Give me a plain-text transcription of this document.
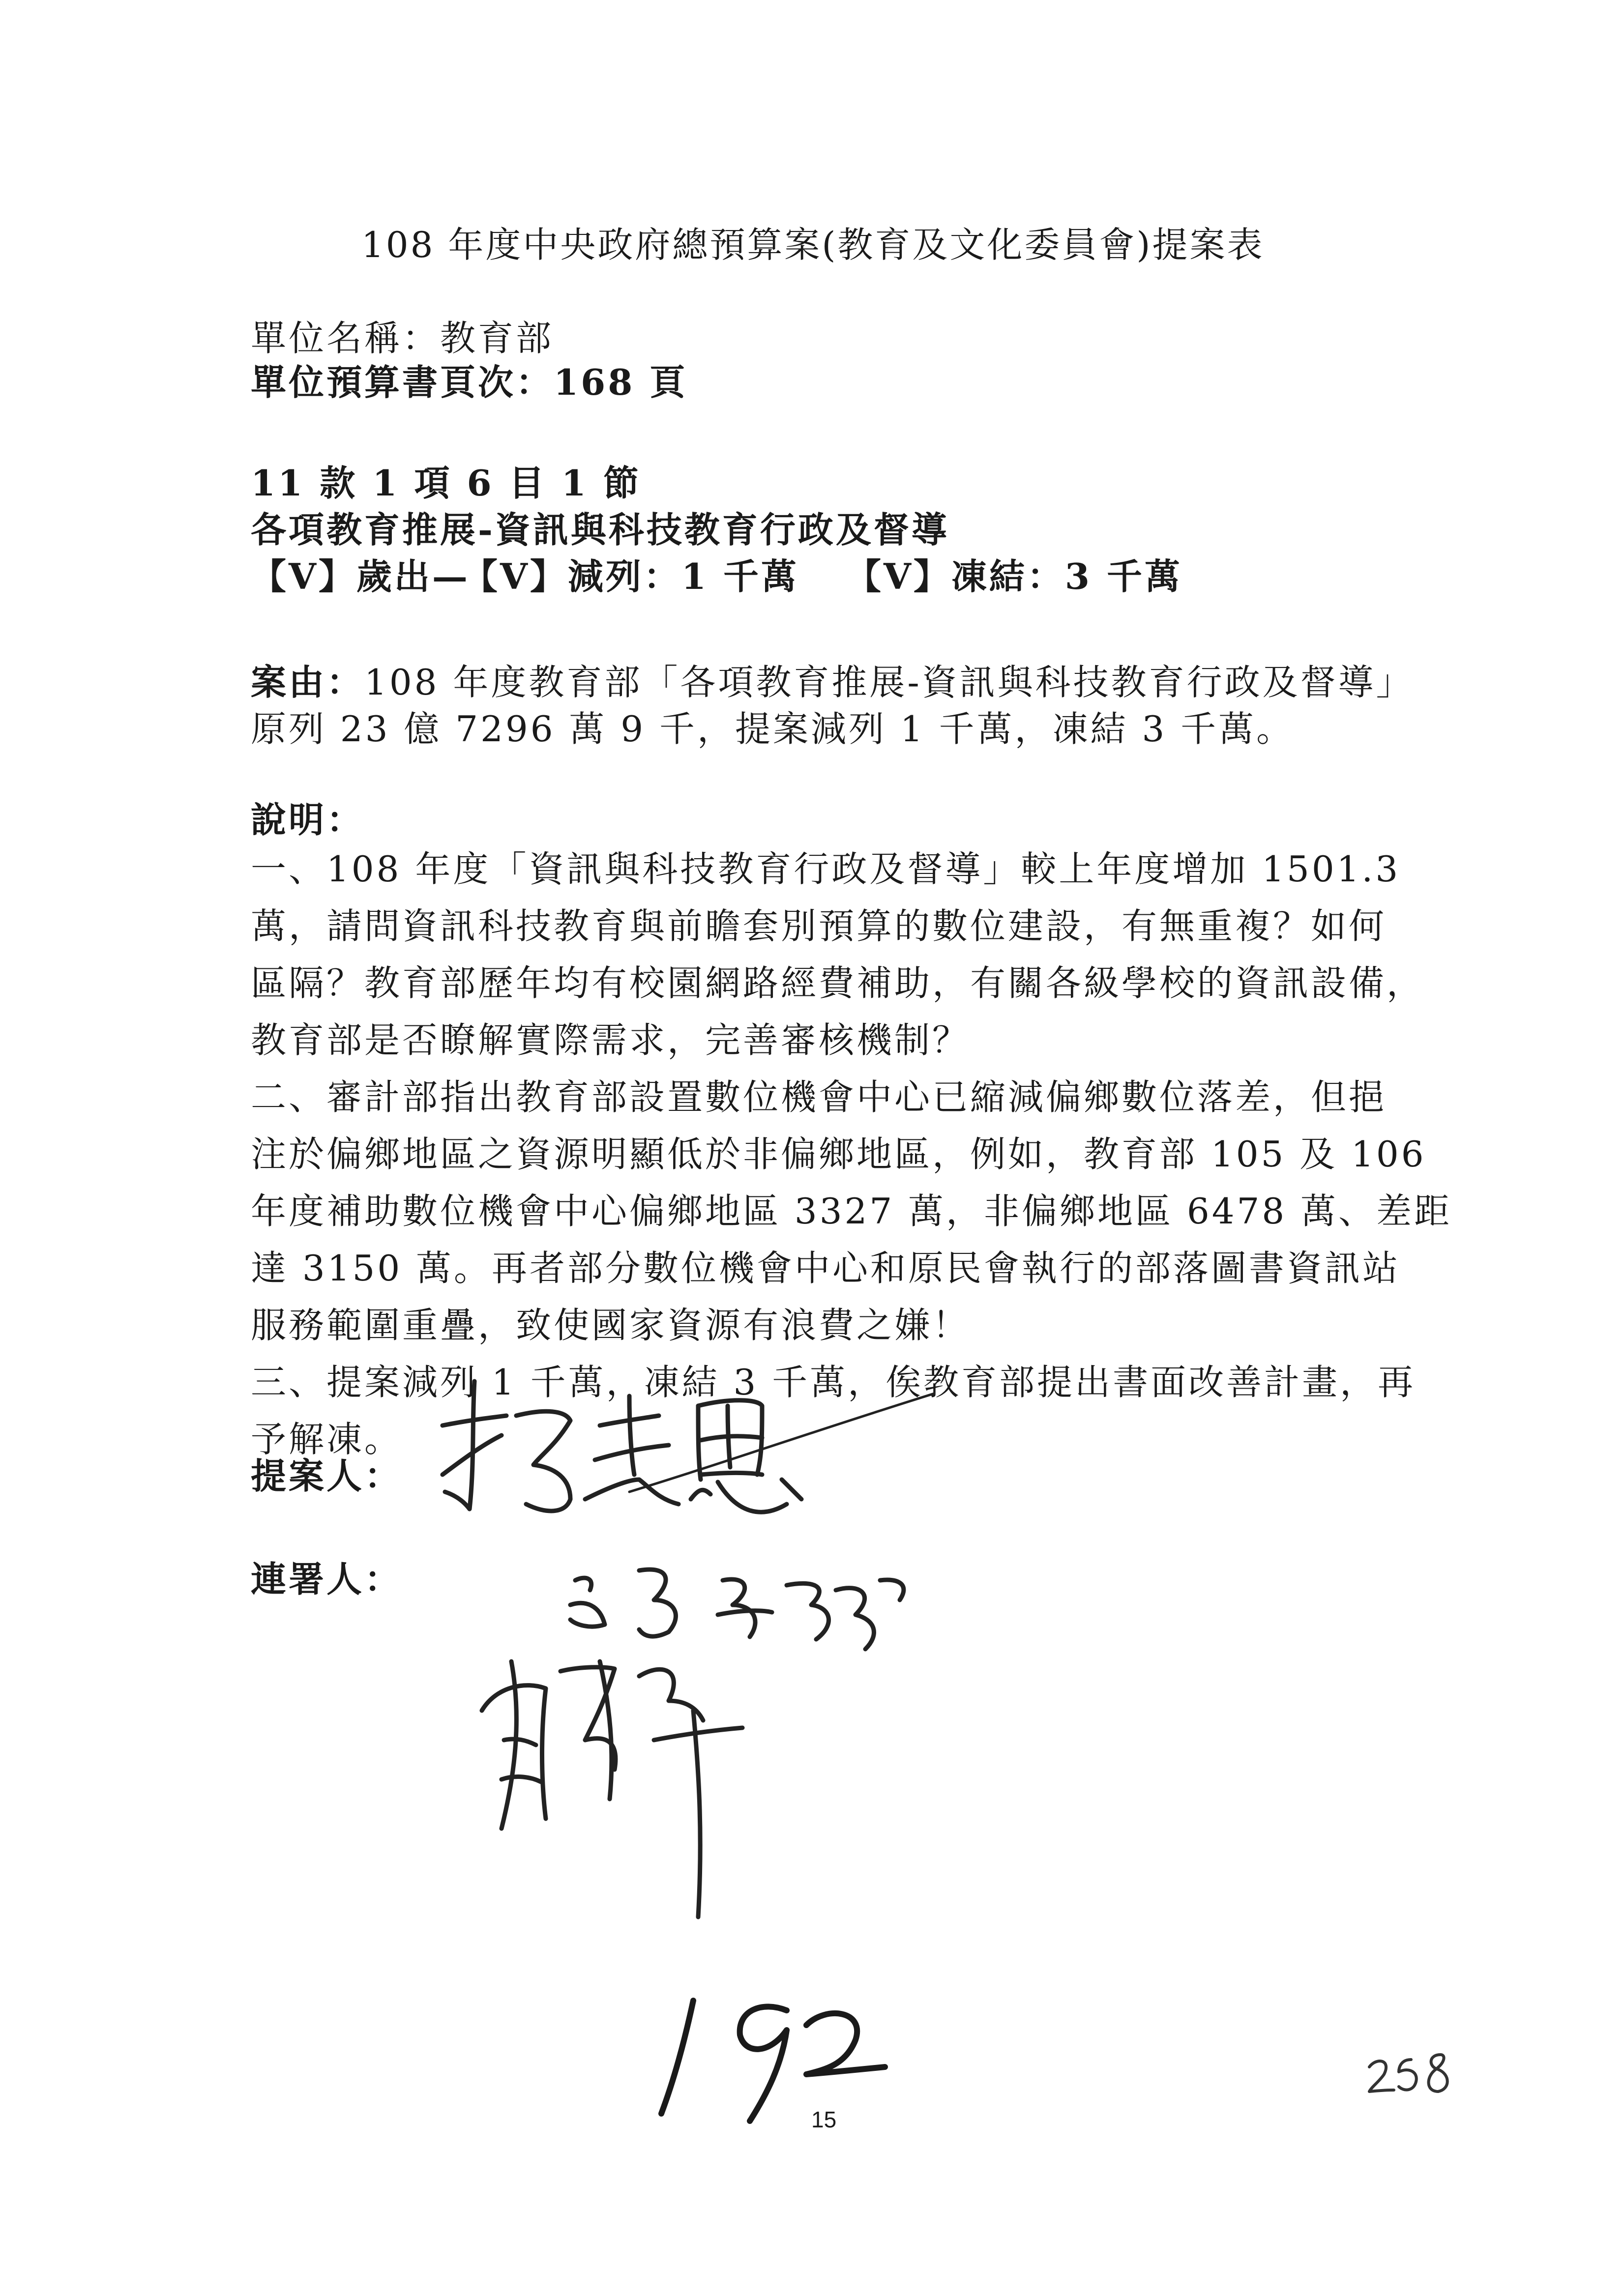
108 年度中央政府總預算案(教育及文化委員會)提案表
單位名稱：教育部
單位預算書頁次：168 頁
11 款 1 項 6 目 1 節
各項教育推展-資訊與科技教育行政及督導
【V】歲出—
【V】減列：1 千萬 【V】凍結：3 千萬
案由：108 年度教育部「各項教育推展-資訊與科技教育行政及督導」
原列 23 億 7296 萬 9 千，提案減列 1 千萬，凍結 3 千萬。
說明：
一、108 年度「資訊與科技教育行政及督導」較上年度增加 1501.3
萬，請問資訊科技教育與前瞻套別預算的數位建設，有無重複？如何
區隔？教育部歷年均有校園網路經費補助，有關各級學校的資訊設備，
教育部是否瞭解實際需求，完善審核機制？
二、審計部指出教育部設置數位機會中心已縮減偏鄉數位落差，但挹
注於偏鄉地區之資源明顯低於非偏鄉地區，例如，教育部 105 及 106
年度補助數位機會中心偏鄉地區 3327 萬，非偏鄉地區 6478 萬、差距
達 3150 萬。再者部分數位機會中心和原民會執行的部落圖書資訊站
服務範圍重疊，致使國家資源有浪費之嫌！
三、提案減列 1 千萬，凍結 3 千萬，俟教育部提出書面改善計畫，再
予解凍。
提案人：
連署人：
15
